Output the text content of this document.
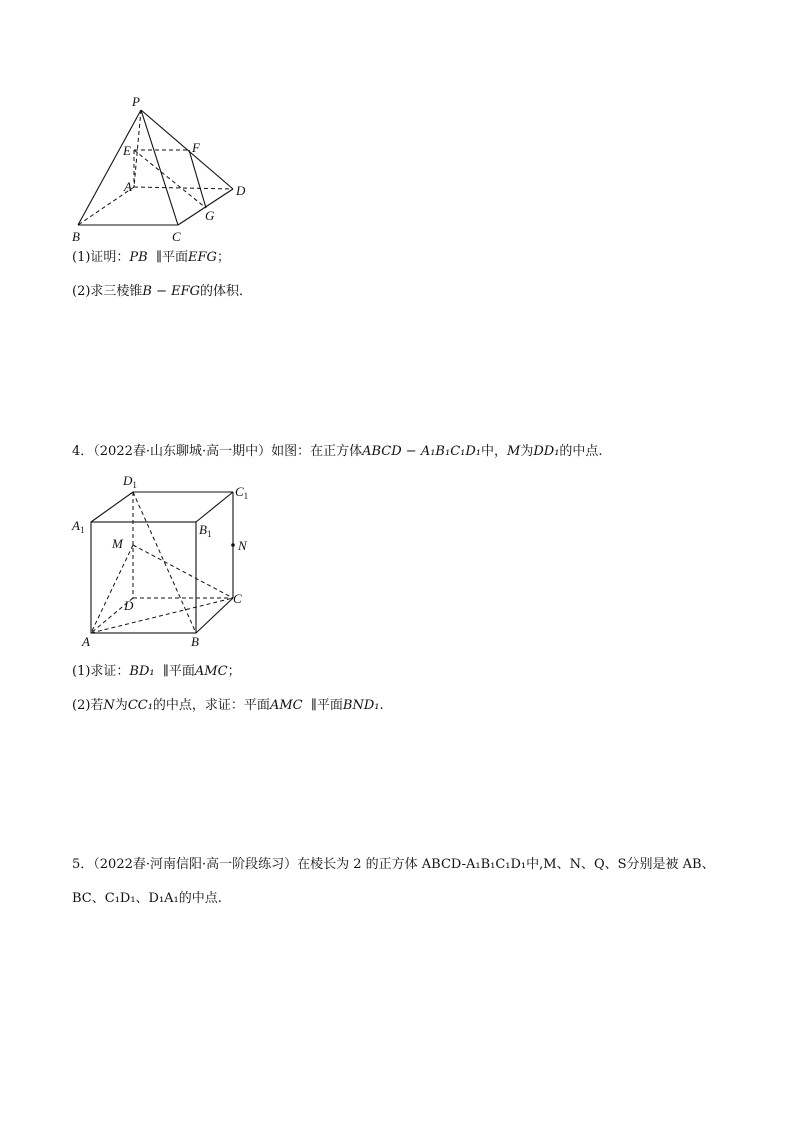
P
E	F
A	D
G
B	C
(1)证明：PB ∥平面EFG；
(2)求三棱锥B − EFG的体积．
4．（2022春·山东聊城·高一期中）如图：在正方体ABCD − A₁B₁C₁D₁中，M为DD₁的中点.
$D_1$	$C_1$
$A_1$	$B_1$
M	N
D	C
A	B
(1)求证：BD₁ ∥平面AMC；
(2)若N为CC₁的中点，求证：平面AMC ∥平面BND₁.
5．（2022春·河南信阳·高一阶段练习）在棱长为 2 的正方体 ABCD-A₁B₁C₁D₁中,M、N、Q、S分别是被 AB、
BC、C₁D₁、D₁A₁的中点.
